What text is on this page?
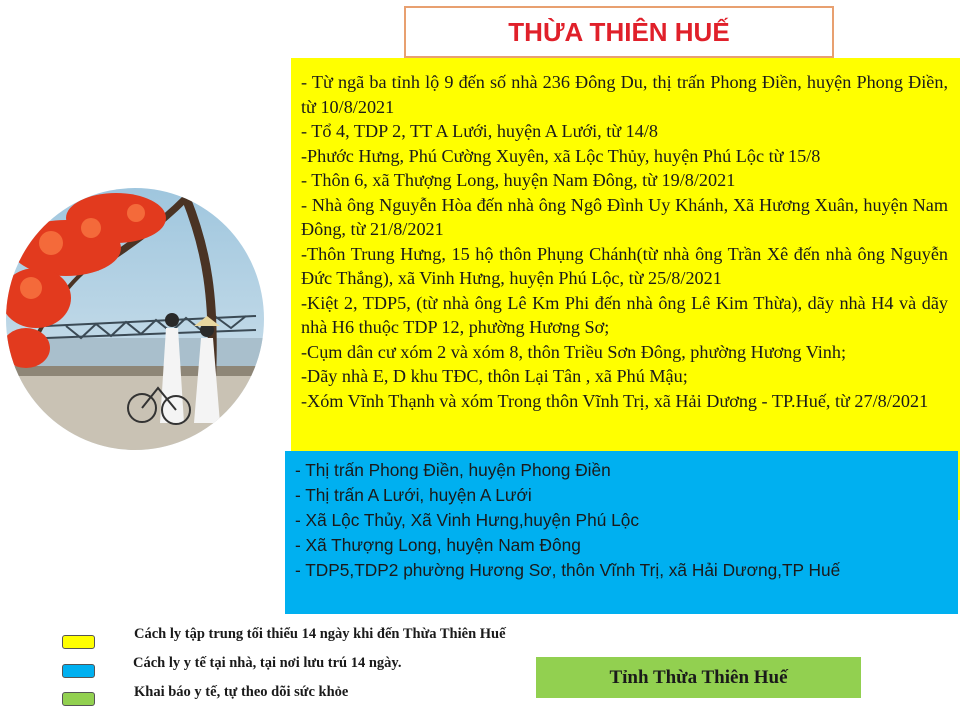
THỪA THIÊN HUẾ

- Từ ngã ba tỉnh lộ 9 đến số nhà 236 Đông Du, thị trấn Phong Điền, huyện Phong Điền, từ 10/8/2021

- Tổ 4, TDP 2, TT A Lưới, huyện A Lưới, từ 14/8

-Phước Hưng, Phú Cường Xuyên, xã Lộc Thủy, huyện Phú Lộc từ 15/8

- Thôn 6, xã Thượng Long, huyện Nam Đông, từ 19/8/2021

- Nhà ông Nguyễn Hòa đến nhà ông Ngô Đình Uy Khánh, Xã Hương Xuân, huyện Nam Đông, từ 21/8/2021

-Thôn Trung Hưng, 15 hộ thôn Phụng Chánh(từ nhà ông Trần Xê đến nhà ông Nguyễn Đức Thắng), xã Vinh Hưng, huyện Phú Lộc, từ 25/8/2021

-Kiệt 2, TDP5, (từ nhà ông Lê Km Phi đến nhà ông Lê Kim Thừa), dãy nhà H4 và dãy nhà H6 thuộc TDP 12, phường Hương Sơ;

-Cụm dân cư xóm 2 và xóm 8, thôn Triều Sơn Đông, phường Hương Vinh;

-Dãy nhà E, D khu TĐC, thôn Lại Tân , xã Phú Mậu;

-Xóm Vĩnh Thạnh và xóm Trong thôn Vĩnh Trị, xã Hải Dương - TP.Huế, từ 27/8/2021

- Thị trấn Phong Điền, huyện Phong Điền

- Thị trấn A Lưới, huyện A Lưới

- Xã Lộc Thủy, Xã Vinh Hưng,huyện Phú Lộc

- Xã Thượng Long, huyện Nam Đông

- TDP5,TDP2 phường Hương Sơ, thôn Vĩnh Trị, xã Hải Dương,TP Huế

Cách ly tập trung tối thiểu 14 ngày khi đến Thừa Thiên Huế
Cách ly y tế tại nhà, tại nơi lưu trú 14 ngày.
Khai báo y tế, tự theo dõi sức khỏe
Tỉnh Thừa Thiên Huế
